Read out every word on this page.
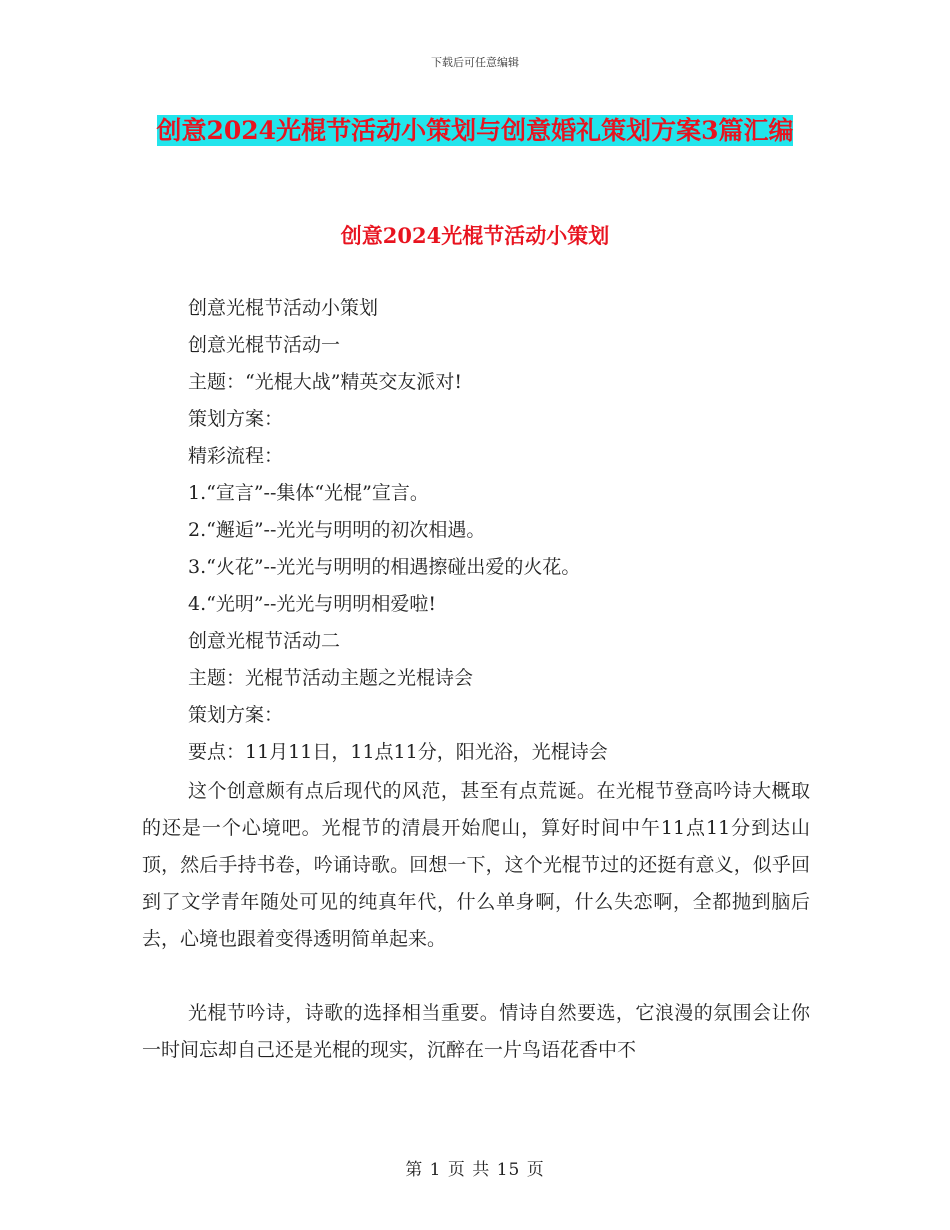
下载后可任意编辑
创意2024光棍节活动小策划与创意婚礼策划方案3篇汇编
创意2024光棍节活动小策划
创意光棍节活动小策划
创意光棍节活动一
主题：“光棍大战”精英交友派对!
策划方案：
精彩流程：
1.“宣言”--集体“光棍”宣言。
2.“邂逅”--光光与明明的初次相遇。
3.“火花”--光光与明明的相遇擦碰出爱的火花。
4.“光明”--光光与明明相爱啦!
创意光棍节活动二
主题：光棍节活动主题之光棍诗会
策划方案：
要点：11月11日，11点11分，阳光浴，光棍诗会
这个创意颇有点后现代的风范，甚至有点荒诞。在光棍节登高吟诗大概取的还是一个心境吧。光棍节的清晨开始爬山，算好时间中午11点11分到达山顶，然后手持书卷，吟诵诗歌。回想一下，这个光棍节过的还挺有意义，似乎回到了文学青年随处可见的纯真年代，什么单身啊，什么失恋啊，全都抛到脑后去，心境也跟着变得透明简单起来。
光棍节吟诗，诗歌的选择相当重要。情诗自然要选，它浪漫的氛围会让你一时间忘却自己还是光棍的现实，沉醉在一片鸟语花香中不
第 1 页 共 15 页
